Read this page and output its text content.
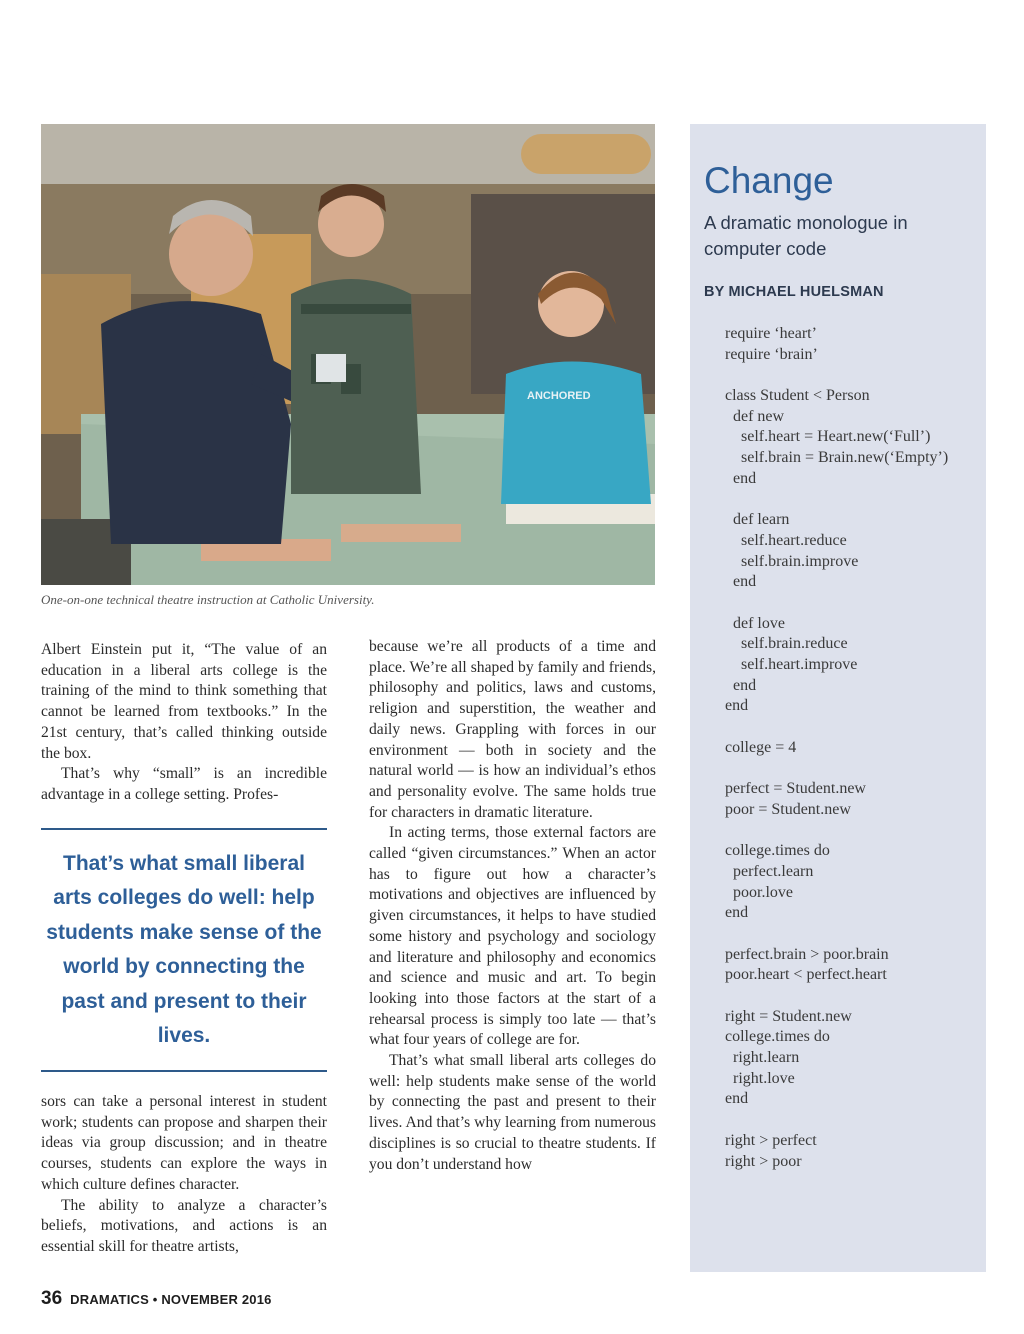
ANCHORED
One-on-one technical theatre instruction at Catholic University.

Albert Einstein put it, “The value of an education in a liberal arts college is the training of the mind to think something that cannot be learned from textbooks.” In the 21st century, that’s called thinking outside the box.

That’s why “small” is an incredible advantage in a college setting. Profes-

That’s what small liberal arts colleges do well: help students make sense of the world by connecting the past and present to their lives.

sors can take a personal interest in student work; students can propose and sharpen their ideas via group discussion; and in theatre courses, students can explore the ways in which culture defines character.

The ability to analyze a character’s beliefs, motivations, and actions is an essential skill for theatre artists,

because we’re all products of a time and place. We’re all shaped by family and friends, philosophy and politics, laws and customs, religion and superstition, the weather and daily news. Grappling with forces in our environment — both in society and the natural world — is how an individual’s ethos and personality evolve. The same holds true for characters in dramatic literature.

In acting terms, those external factors are called “given circumstances.” When an actor has to figure out how a character’s motivations and objectives are influenced by given circumstances, it helps to have studied some history and psychology and sociology and literature and philosophy and economics and science and music and art. To begin looking into those factors at the start of a rehearsal process is simply too late — that’s what four years of college are for.

That’s what small liberal arts colleges do well: help students make sense of the world by connecting the past and present to their lives. And that’s why learning from numerous disciplines is so crucial to theatre students. If you don’t understand how

Change
A dramatic monologue in computer code
BY MICHAEL HUELSMAN
require ‘heart’
require ‘brain’
class Student < Person
def new
self.heart = Heart.new(‘Full’)
self.brain = Brain.new(‘Empty’)
end
def learn
self.heart.reduce
self.brain.improve
end
def love
self.brain.reduce
self.heart.improve
end
end
college = 4
perfect = Student.new
poor = Student.new
college.times do
perfect.learn
poor.love
end
perfect.brain > poor.brain
poor.heart < perfect.heart
right = Student.new
college.times do
right.learn
right.love
end
right > perfect
right > poor
36 DRAMATICS • NOVEMBER 2016
